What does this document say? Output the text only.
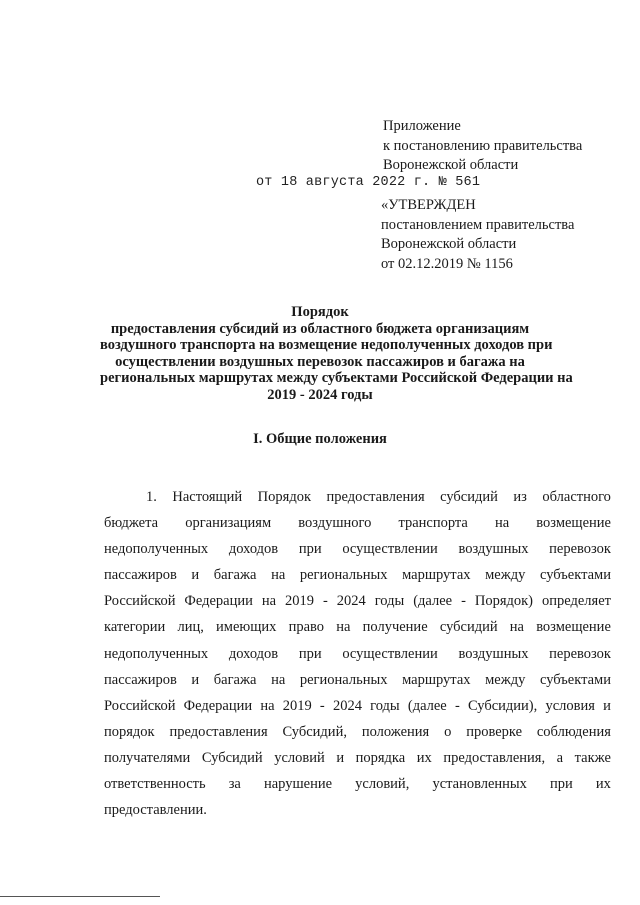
Приложение
к постановлению правительства
Воронежской области
от 18 августа 2022 г. № 561
«УТВЕРЖДЕН
постановлением правительства
Воронежской области
от 02.12.2019 № 1156
Порядок
предоставления субсидий из областного бюджета организациям
воздушного транспорта на возмещение недополученных доходов при
осуществлении воздушных перевозок пассажиров и багажа на
региональных маршрутах между субъектами Российской Федерации на
2019 - 2024 годы
I. Общие положения
1. Настоящий Порядок предоставления субсидий из областного
бюджета организациям воздушного транспорта на возмещение
недополученных доходов при осуществлении воздушных перевозок
пассажиров и багажа на региональных маршрутах между субъектами
Российской Федерации на 2019 - 2024 годы (далее - Порядок) определяет
категории лиц, имеющих право на получение субсидий на возмещение
недополученных доходов при осуществлении воздушных перевозок
пассажиров и багажа на региональных маршрутах между субъектами
Российской Федерации на 2019 - 2024 годы (далее - Субсидии), условия и
порядок предоставления Субсидий, положения о проверке соблюдения
получателями Субсидий условий и порядка их предоставления, а также
ответственность за нарушение условий, установленных при их
предоставлении.
